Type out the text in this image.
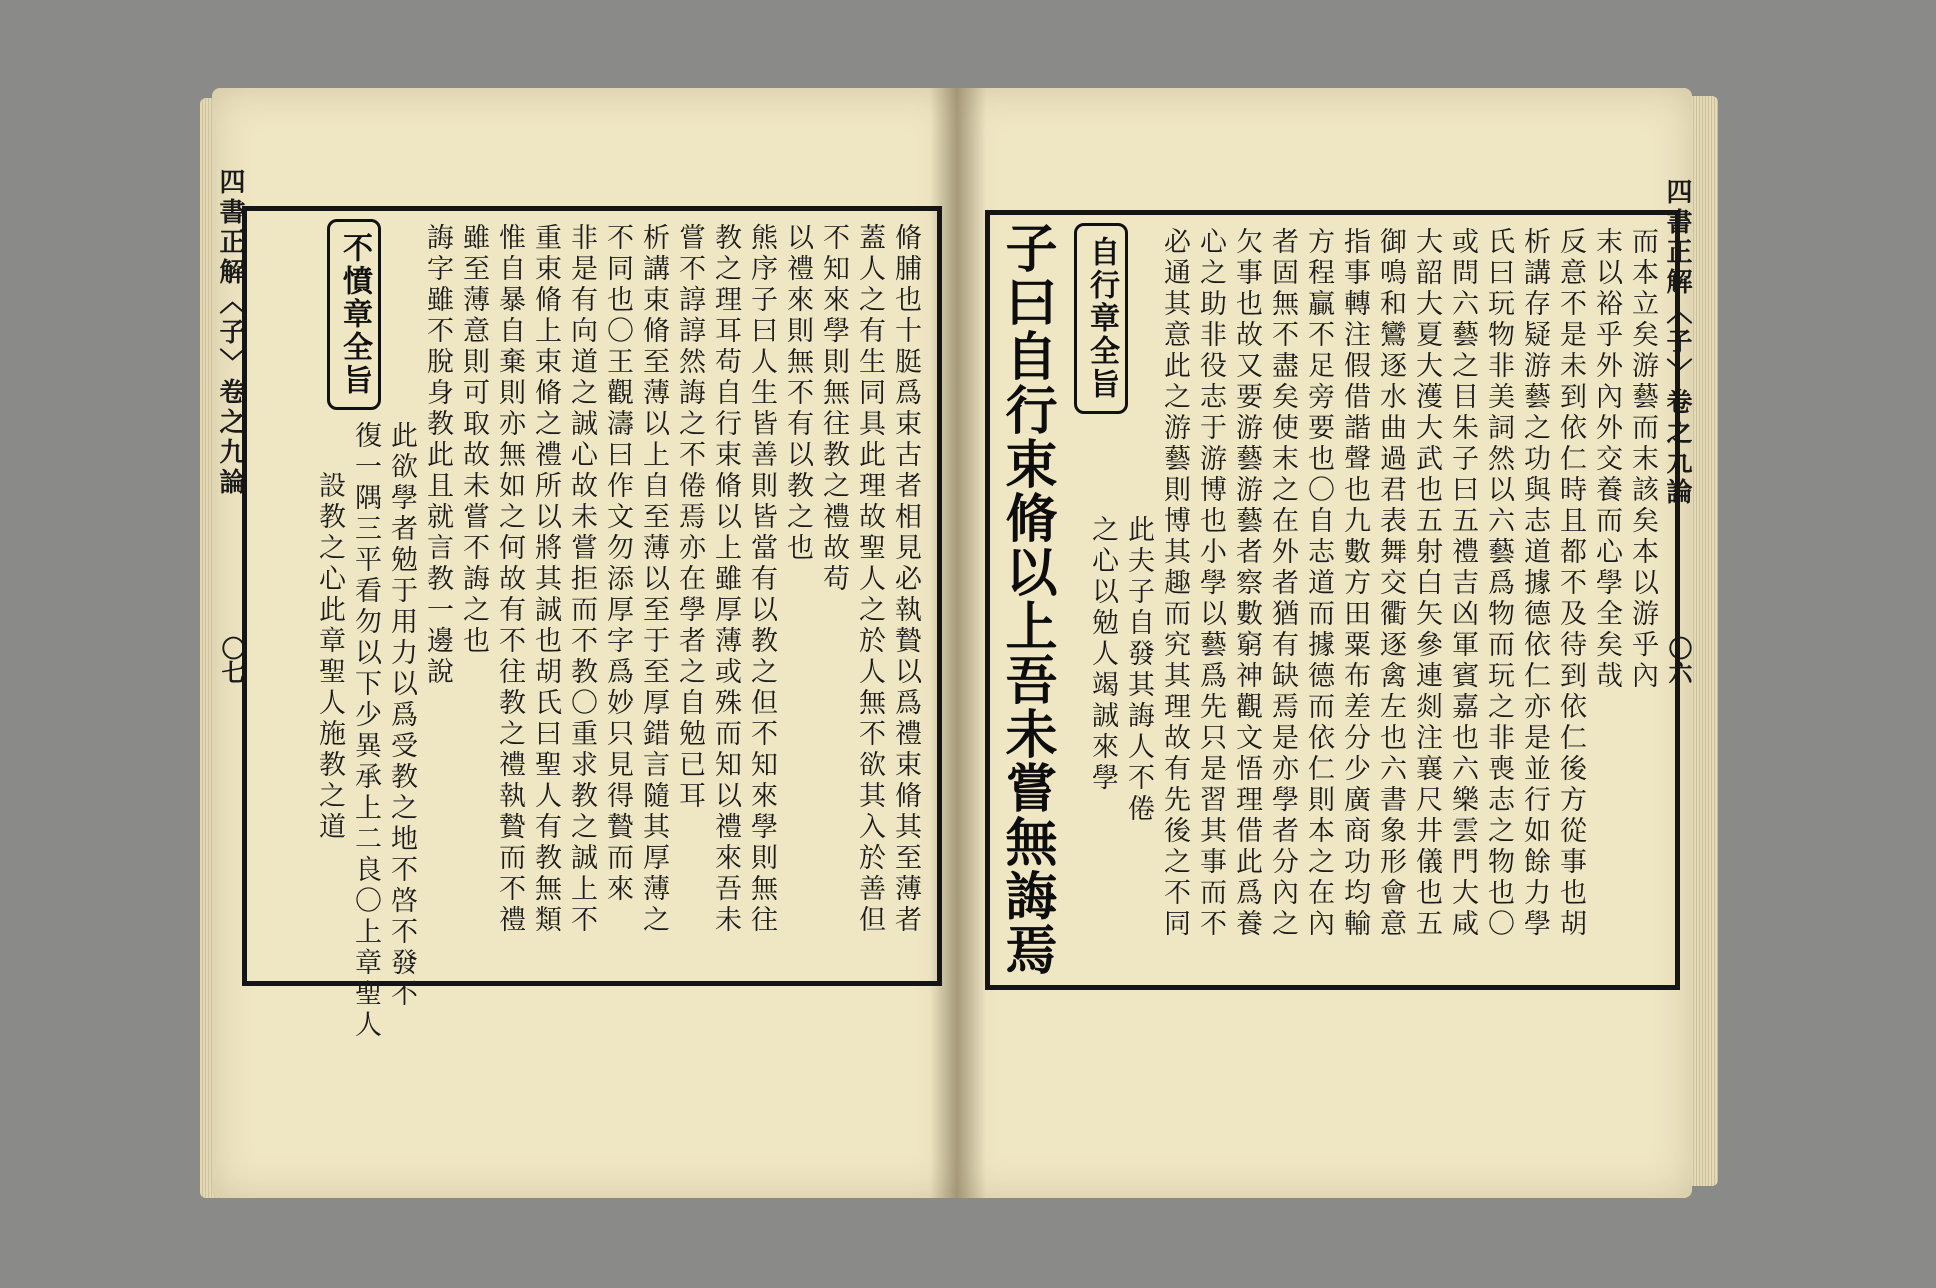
四書正解〈子〉卷之九論
〇七
四書正解〈子〉卷之九論
〇六
脩脯也十脡爲束古者相見必執贄以爲禮束脩其至薄者
蓋人之有生同具此理故聖人之於人無不欲其入於善但
不知來學則無往教之禮故苟
以禮來則無不有以教之也
熊序子曰人生皆善則皆當有以教之但不知來學則無往
教之理耳苟自行束脩以上雖厚薄或殊而知以禮來吾未
嘗不諄諄然誨之不倦焉亦在學者之自勉已耳
析講束脩至薄以上自至薄以至于至厚錯言隨其厚薄之
不同也〇王觀濤曰作文勿添厚字爲妙只見得贄而來
非是有向道之誠心故未嘗拒而不教〇重求教之誠上不
重束脩上束脩之禮所以將其誠也胡氏曰聖人有教無類
惟自暴自棄則亦無如之何故有不往教之禮執贄而不禮
雖至薄意則可取故未嘗不誨之也
誨字雖不脫身教此且就言教一邊說
此欲學者勉于用力以爲受教之地不啓不發不
復一隅三平看勿以下少異承上二良〇上章聖人
設教之心此章聖人施教之道
不憤章全旨	而本立矣游藝而末該矣本以游乎內
末以裕乎外內外交養而心學全矣哉
反意不是未到依仁時且都不及待到依仁後方從事也胡
析講存疑游藝之功與志道據德依仁亦是並行如餘力學
氏曰玩物非美詞然以六藝爲物而玩之非喪志之物也〇
或問六藝之目朱子曰五禮吉凶軍賓嘉也六樂雲門大咸
大韶大夏大濩大武也五射白矢參連剡注襄尺井儀也五
御鳴和鸞逐水曲過君表舞交衢逐禽左也六書象形會意
指事轉注假借諧聲也九數方田粟布差分少廣商功均輸
方程贏不足旁要也〇自志道而據德而依仁則本之在內
者固無不盡矣使末之在外者猶有缺焉是亦學者分內之
欠事也故又要游藝游藝者察數窮神觀文悟理借此爲養
心之助非役志于游博也小學以藝爲先只是習其事而不
必通其意此之游藝則博其趣而究其理故有先後之不同
此夫子自發其誨人不倦
之心以勉人竭誠來學
自行章全旨
子曰自行束脩以上吾未嘗無誨焉
